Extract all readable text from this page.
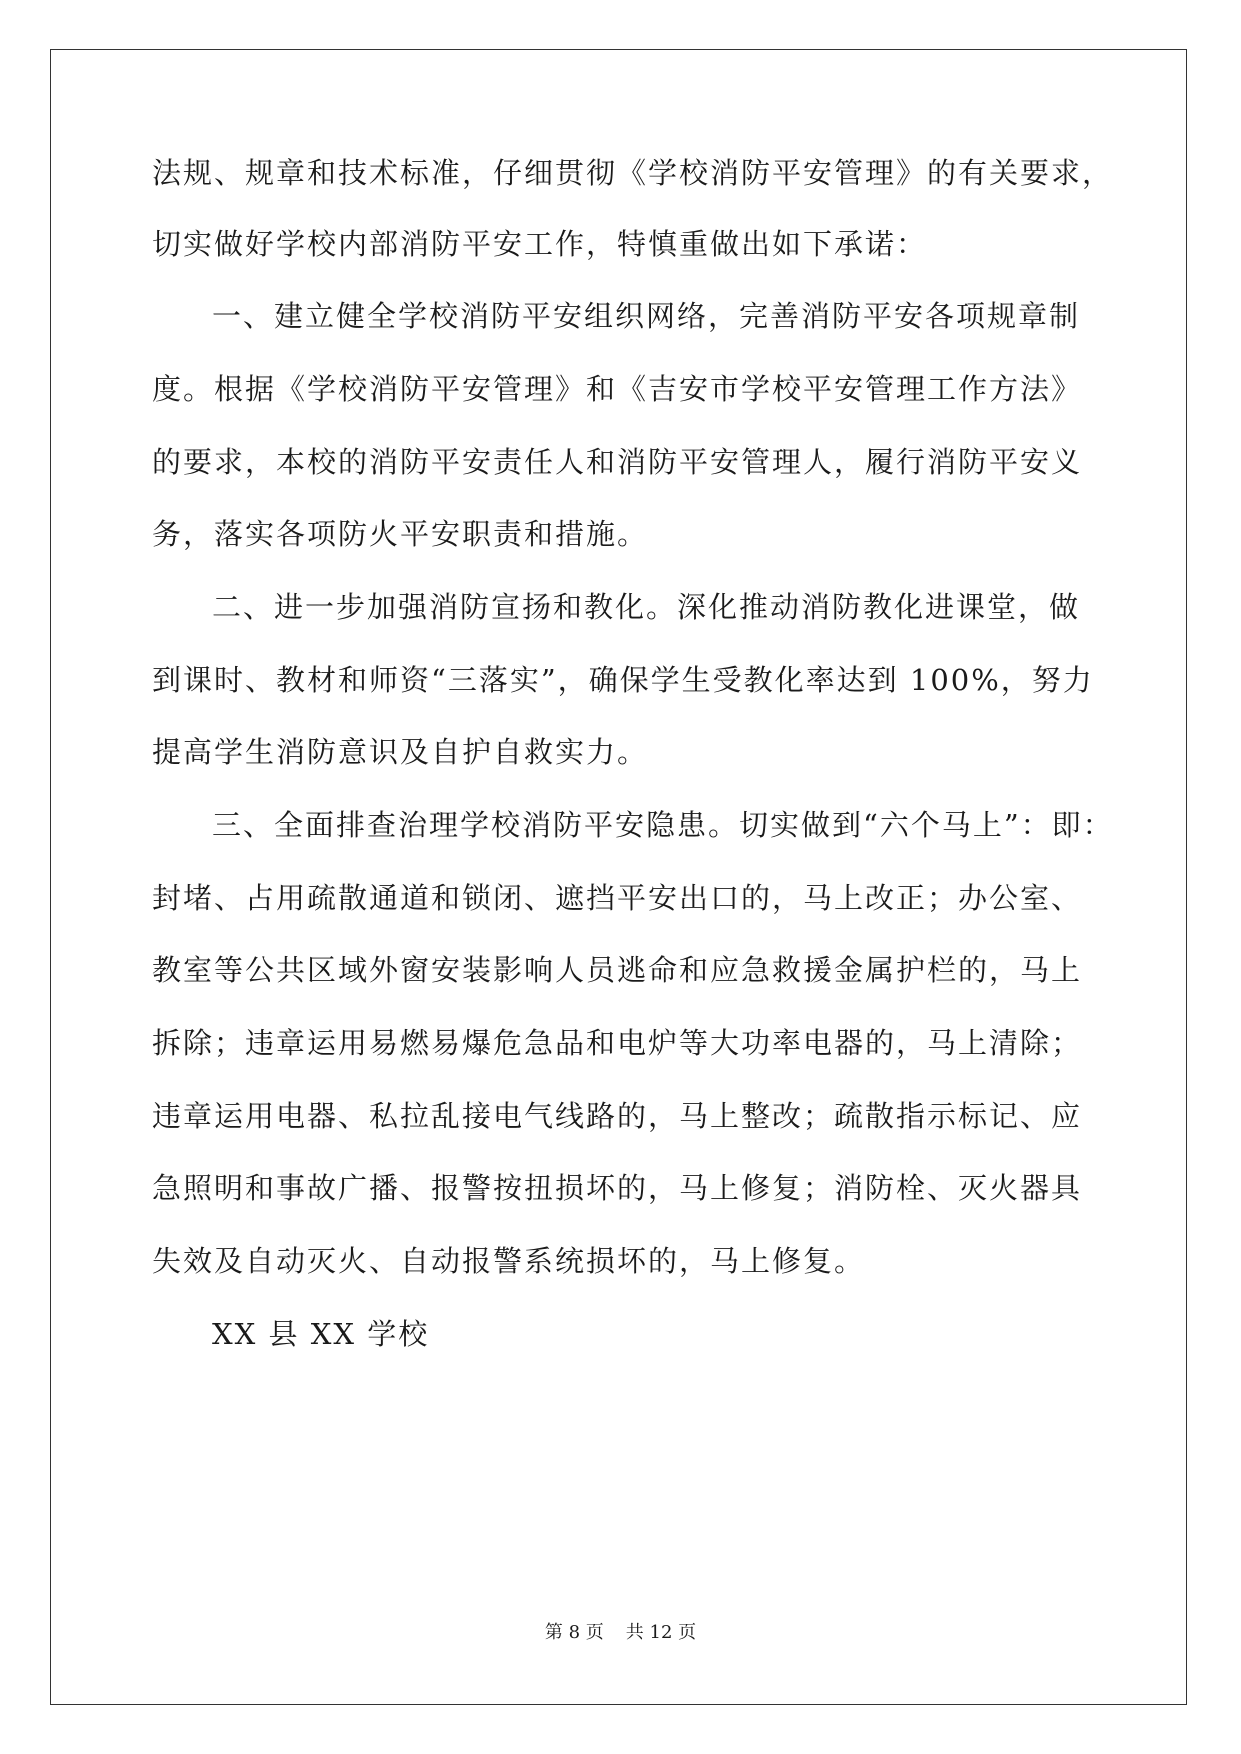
法规、规章和技术标准，仔细贯彻《学校消防平安管理》的有关要求，
切实做好学校内部消防平安工作，特慎重做出如下承诺：
一、建立健全学校消防平安组织网络，完善消防平安各项规章制
度。根据《学校消防平安管理》和《吉安市学校平安管理工作方法》
的要求，本校的消防平安责任人和消防平安管理人，履行消防平安义
务，落实各项防火平安职责和措施。
二、进一步加强消防宣扬和教化。深化推动消防教化进课堂，做
到课时、教材和师资“三落实”，确保学生受教化率达到 100%，努力
提高学生消防意识及自护自救实力。
三、全面排查治理学校消防平安隐患。切实做到“六个马上”：即：
封堵、占用疏散通道和锁闭、遮挡平安出口的，马上改正；办公室、
教室等公共区域外窗安装影响人员逃命和应急救援金属护栏的，马上
拆除；违章运用易燃易爆危急品和电炉等大功率电器的，马上清除；
违章运用电器、私拉乱接电气线路的，马上整改；疏散指示标记、应
急照明和事故广播、报警按扭损坏的，马上修复；消防栓、灭火器具
失效及自动灭火、自动报警系统损坏的，马上修复。
XX 县 XX 学校
第 8 页 共 12 页
